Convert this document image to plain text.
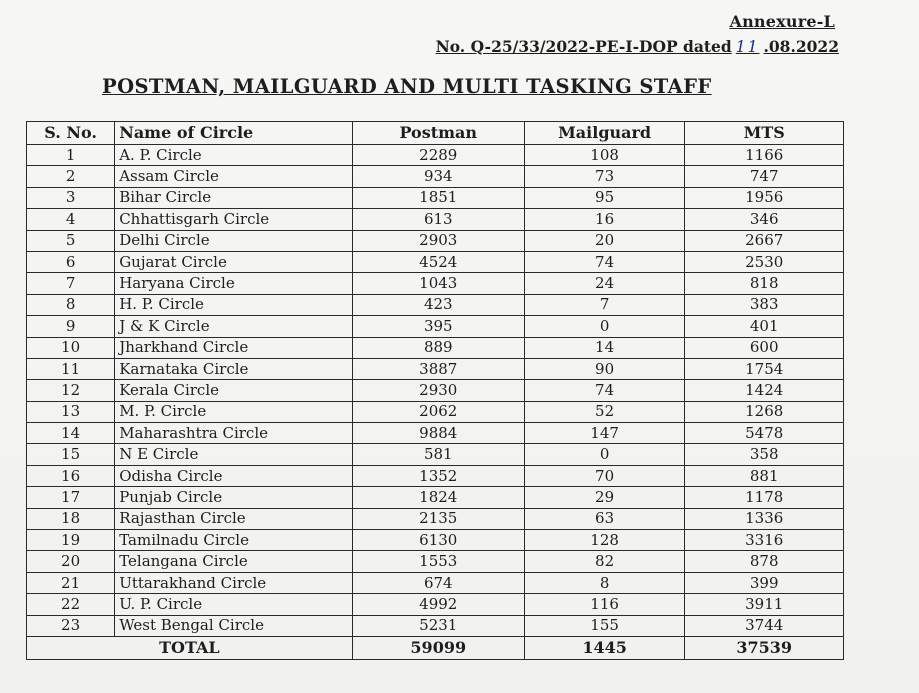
Annexure-L
No. Q-25/33/2022-PE-I-DOP dated 11 .08.2022
POSTMAN, MAILGUARD AND MULTI TASKING STAFF
S. No.	Name of Circle	Postman	Mailguard	MTS
1	A. P. Circle	2289	108	1166
2	Assam Circle	934	73	747
3	Bihar Circle	1851	95	1956
4	Chhattisgarh Circle	613	16	346
5	Delhi Circle	2903	20	2667
6	Gujarat Circle	4524	74	2530
7	Haryana Circle	1043	24	818
8	H. P. Circle	423	7	383
9	J & K Circle	395	0	401
10	Jharkhand Circle	889	14	600
11	Karnataka Circle	3887	90	1754
12	Kerala Circle	2930	74	1424
13	M. P. Circle	2062	52	1268
14	Maharashtra Circle	9884	147	5478
15	N E Circle	581	0	358
16	Odisha Circle	1352	70	881
17	Punjab Circle	1824	29	1178
18	Rajasthan Circle	2135	63	1336
19	Tamilnadu Circle	6130	128	3316
20	Telangana Circle	1553	82	878
21	Uttarakhand Circle	674	8	399
22	U. P. Circle	4992	116	3911
23	West Bengal Circle	5231	155	3744
TOTAL		59099	1445	37539
